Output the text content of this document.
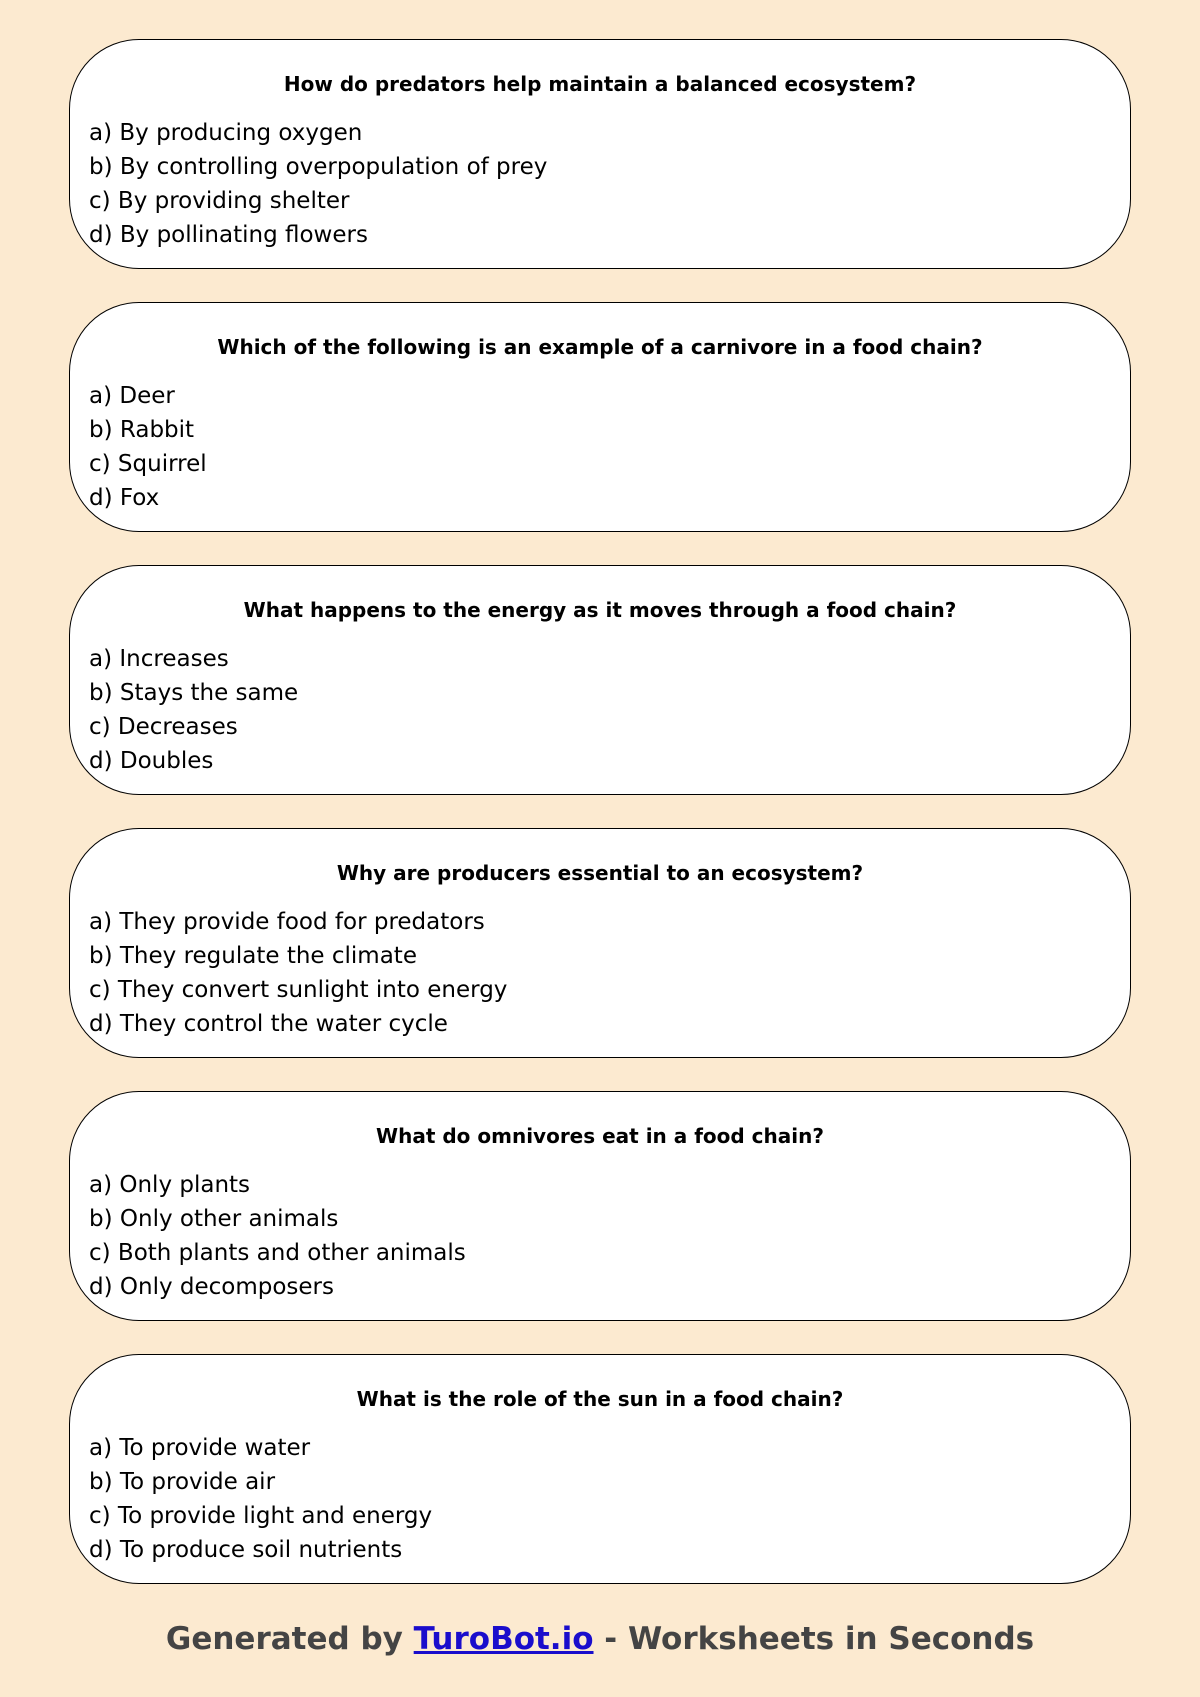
How do predators help maintain a balanced ecosystem?
a) By producing oxygen
b) By controlling overpopulation of prey
c) By providing shelter
d) By pollinating flowers
Which of the following is an example of a carnivore in a food chain?
a) Deer
b) Rabbit
c) Squirrel
d) Fox
What happens to the energy as it moves through a food chain?
a) Increases
b) Stays the same
c) Decreases
d) Doubles
Why are producers essential to an ecosystem?
a) They provide food for predators
b) They regulate the climate
c) They convert sunlight into energy
d) They control the water cycle
What do omnivores eat in a food chain?
a) Only plants
b) Only other animals
c) Both plants and other animals
d) Only decomposers
What is the role of the sun in a food chain?
a) To provide water
b) To provide air
c) To provide light and energy
d) To produce soil nutrients
Generated by TuroBot.io - Worksheets in Seconds
